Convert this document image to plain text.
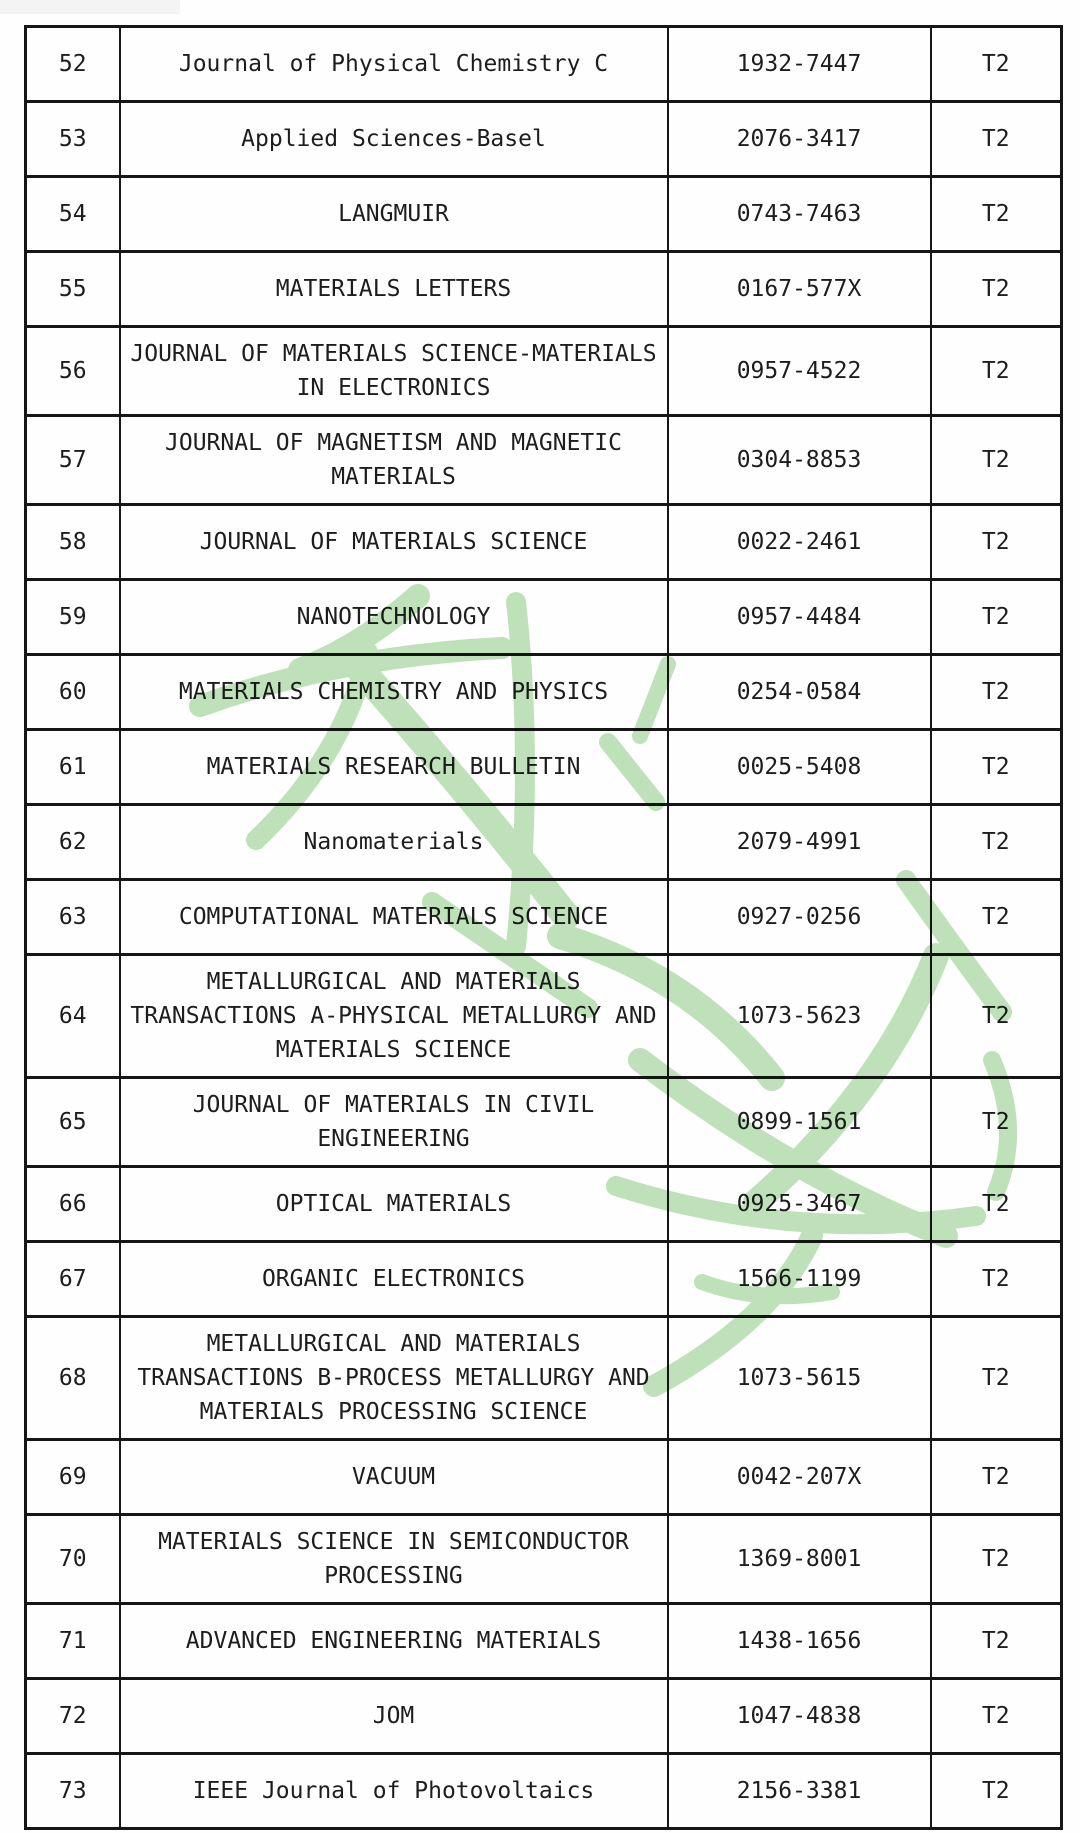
52	Journal of Physical Chemistry C	1932-7447	T2
53	Applied Sciences-Basel	2076-3417	T2
54	LANGMUIR	0743-7463	T2
55	MATERIALS LETTERS	0167-577X	T2
56	JOURNAL OF MATERIALS SCIENCE-MATERIALS IN ELECTRONICS	0957-4522	T2
57	JOURNAL OF MAGNETISM AND MAGNETIC MATERIALS	0304-8853	T2
58	JOURNAL OF MATERIALS SCIENCE	0022-2461	T2
59	NANOTECHNOLOGY	0957-4484	T2
60	MATERIALS CHEMISTRY AND PHYSICS	0254-0584	T2
61	MATERIALS RESEARCH BULLETIN	0025-5408	T2
62	Nanomaterials	2079-4991	T2
63	COMPUTATIONAL MATERIALS SCIENCE	0927-0256	T2
64	METALLURGICAL AND MATERIALS TRANSACTIONS A-PHYSICAL METALLURGY AND MATERIALS SCIENCE	1073-5623	T2
65	JOURNAL OF MATERIALS IN CIVIL ENGINEERING	0899-1561	T2
66	OPTICAL MATERIALS	0925-3467	T2
67	ORGANIC ELECTRONICS	1566-1199	T2
68	METALLURGICAL AND MATERIALS TRANSACTIONS B-PROCESS METALLURGY AND MATERIALS PROCESSING SCIENCE	1073-5615	T2
69	VACUUM	0042-207X	T2
70	MATERIALS SCIENCE IN SEMICONDUCTOR PROCESSING	1369-8001	T2
71	ADVANCED ENGINEERING MATERIALS	1438-1656	T2
72	JOM	1047-4838	T2
73	IEEE Journal of Photovoltaics	2156-3381	T2
